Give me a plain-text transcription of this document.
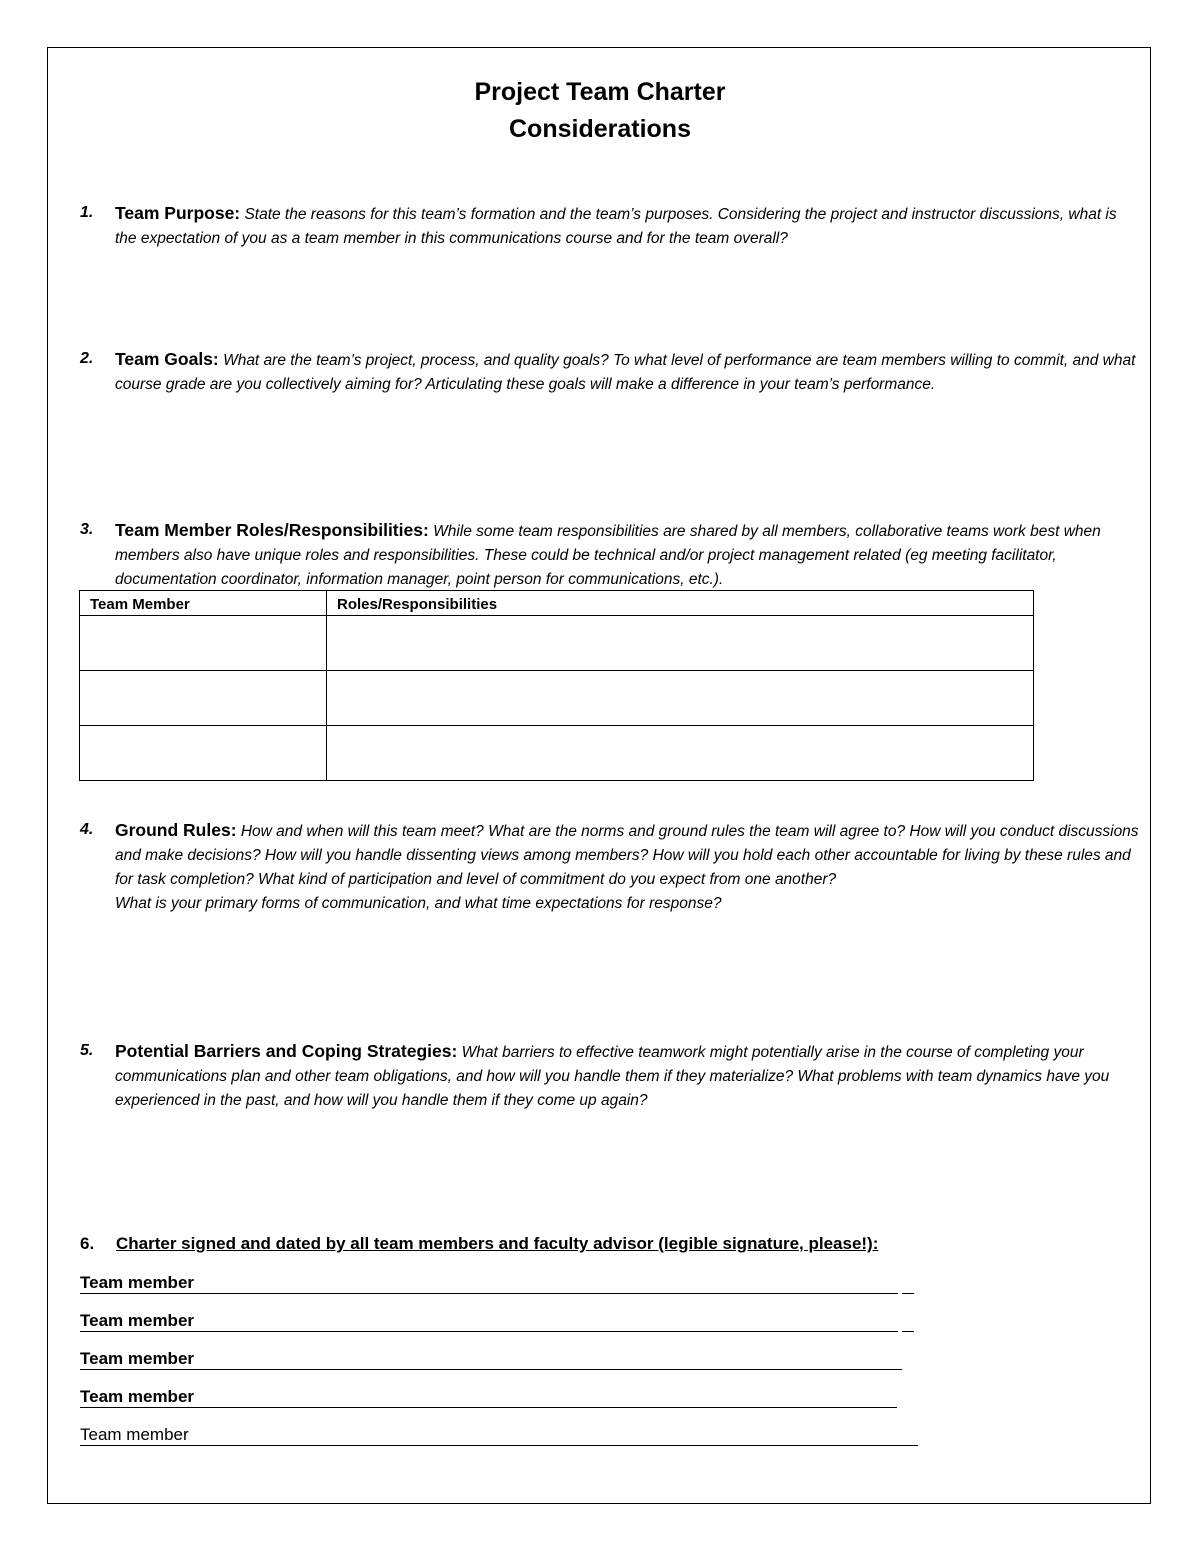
Project Team Charter
Considerations
1. Team Purpose: State the reasons for this team’s formation and the team’s purposes. Considering the project and instructor discussions, what is the expectation of you as a team member in this communications course and for the team overall?
2. Team Goals: What are the team’s project, process, and quality goals? To what level of performance are team members willing to commit, and what course grade are you collectively aiming for? Articulating these goals will make a difference in your team’s performance.
3. Team Member Roles/Responsibilities: While some team responsibilities are shared by all members, collaborative teams work best when members also have unique roles and responsibilities. These could be technical and/or project management related (eg meeting facilitator, documentation coordinator, information manager, point person for communications, etc.).
Team Member	Roles/Responsibilities

4. Ground Rules: How and when will this team meet? What are the norms and ground rules the team will agree to? How will you conduct discussions and make decisions? How will you handle dissenting views among members? How will you hold each other accountable for living by these rules and for task completion? What kind of participation and level of commitment do you expect from one another?
What is your primary forms of communication, and what time expectations for response?
5. Potential Barriers and Coping Strategies: What barriers to effective teamwork might potentially arise in the course of completing your communications plan and other team obligations, and how will you handle them if they materialize? What problems with team dynamics have you experienced in the past, and how will you handle them if they come up again?
6. Charter signed and dated by all team members and faculty advisor (legible signature, please!):
Team member
Team member
Team member
Team member
Team member
